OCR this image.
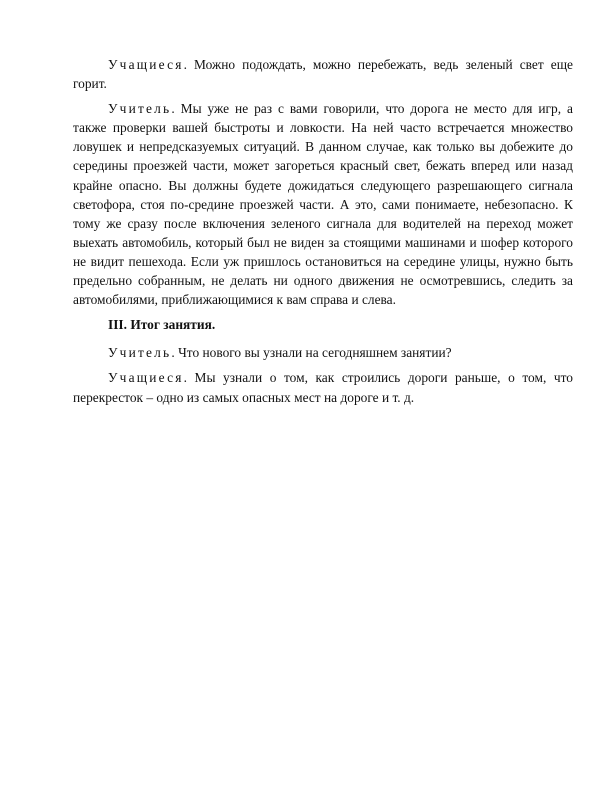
Учащиеся. Можно подождать, можно перебежать, ведь зеленый свет еще горит.

Учитель. Мы уже не раз с вами говорили, что дорога не место для игр, а также проверки вашей быстроты и ловкости. На ней часто встречается множество ловушек и непредсказуемых ситуаций. В данном случае, как только вы добежите до середины проезжей части, может загореться красный свет, бежать вперед или назад крайне опасно. Вы должны будете дожидаться следующего разрешающего сигнала светофора, стоя по-средине проезжей части. А это, сами понимаете, небезопасно. К тому же сразу после включения зеленого сигнала для водителей на переход может выехать автомобиль, который был не виден за стоящими машинами и шофер которого не видит пешехода. Если уж пришлось остановиться на середине улицы, нужно быть предельно собранным, не делать ни одного движения не осмотревшись, следить за автомобилями, приближающимися к вам справа и слева.

III. Итог занятия.

Учитель. Что нового вы узнали на сегодняшнем занятии?

Учащиеся. Мы узнали о том, как строились дороги раньше, о том, что перекресток – одно из самых опасных мест на дороге и т. д.
